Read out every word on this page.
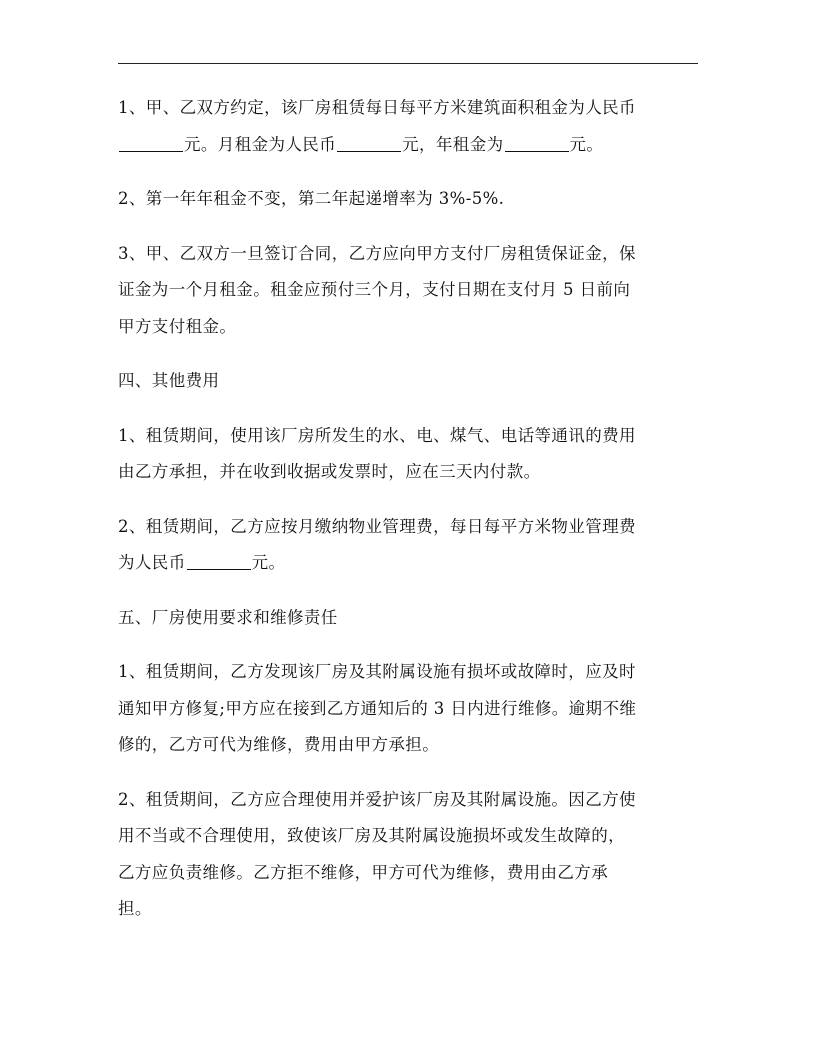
1、甲、乙双方约定，该厂房租赁每日每平方米建筑面积租金为人民币
元。月租金为人民币	元，年租金为	元。

2、第一年年租金不变，第二年起递增率为 3%-5%.

3、甲、乙双方一旦签订合同，乙方应向甲方支付厂房租赁保证金，保
证金为一个月租金。租金应预付三个月，支付日期在支付月 5 日前向
甲方支付租金。

四、其他费用

1、租赁期间，使用该厂房所发生的水、电、煤气、电话等通讯的费用
由乙方承担，并在收到收据或发票时，应在三天内付款。

2、租赁期间，乙方应按月缴纳物业管理费，每日每平方米物业管理费
为人民币	元。

五、厂房使用要求和维修责任

1、租赁期间，乙方发现该厂房及其附属设施有损坏或故障时，应及时
通知甲方修复;甲方应在接到乙方通知后的 3 日内进行维修。逾期不维
修的，乙方可代为维修，费用由甲方承担。

2、租赁期间，乙方应合理使用并爱护该厂房及其附属设施。因乙方使
用不当或不合理使用，致使该厂房及其附属设施损坏或发生故障的，
乙方应负责维修。乙方拒不维修，甲方可代为维修，费用由乙方承
担。
